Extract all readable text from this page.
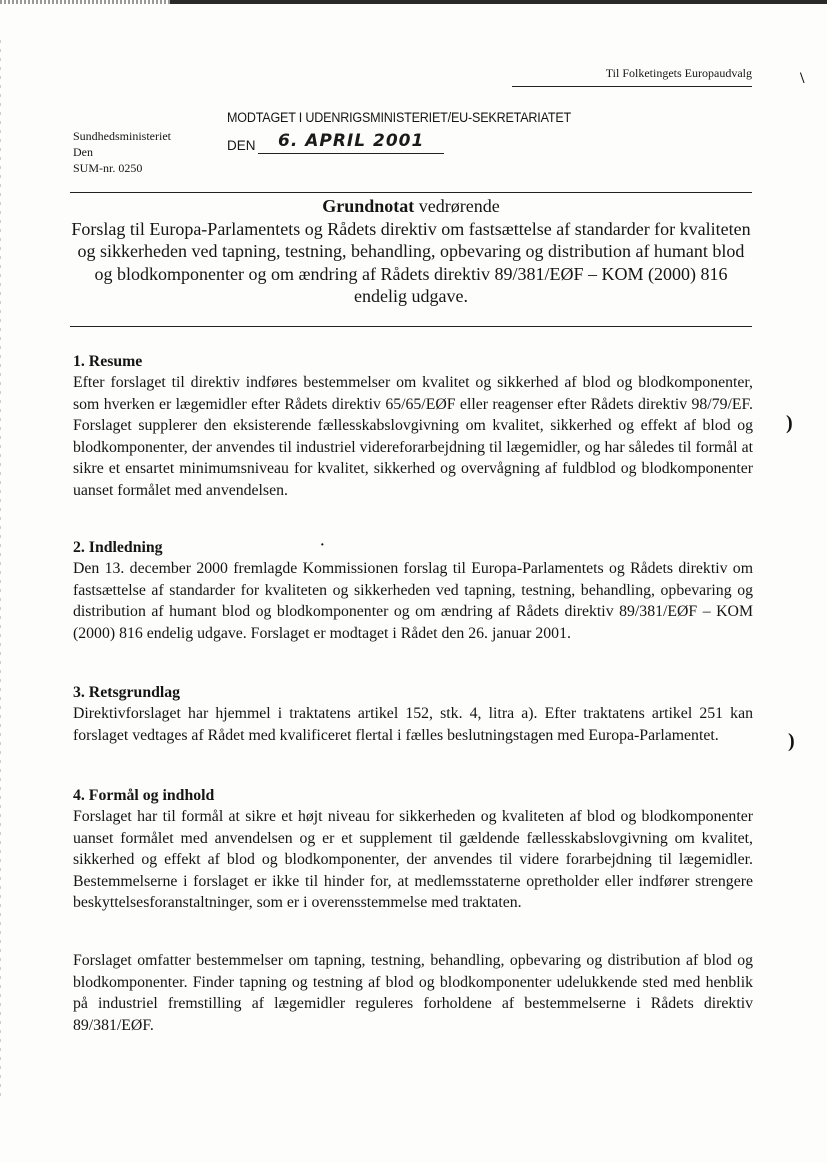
Til Folketingets Europaudvalg
MODTAGET I UDENRIGSMINISTERIET/EU-SEKRETARIATET
DEN 6. APRIL 2001
Sundhedsministeriet
Den
SUM-nr. 0250
Grundnotat vedrørende
Forslag til Europa-Parlamentets og Rådets direktiv om fastsættelse af standarder for kvaliteten og sikkerheden ved tapning, testning, behandling, opbevaring og distribution af humant blod og blodkomponenter og om ændring af Rådets direktiv 89/381/EØF – KOM (2000) 816 endelig udgave.
1. Resume

Efter forslaget til direktiv indføres bestemmelser om kvalitet og sikkerhed af blod og blodkomponenter, som hverken er lægemidler efter Rådets direktiv 65/65/EØF eller reagenser efter Rådets direktiv 98/79/EF. Forslaget supplerer den eksisterende fællesskabslovgivning om kvalitet, sikkerhed og effekt af blod og blodkomponenter, der anvendes til industriel videreforarbejdning til lægemidler, og har således til formål at sikre et ensartet minimumsniveau for kvalitet, sikkerhed og overvågning af fuldblod og blodkomponenter uanset formålet med anvendelsen.

2. Indledning

Den 13. december 2000 fremlagde Kommissionen forslag til Europa-Parlamentets og Rådets direktiv om fastsættelse af standarder for kvaliteten og sikkerheden ved tapning, testning, behandling, opbevaring og distribution af humant blod og blodkomponenter og om ændring af Rådets direktiv 89/381/EØF – KOM (2000) 816 endelig udgave. Forslaget er modtaget i Rådet den 26. januar 2001.

3. Retsgrundlag

Direktivforslaget har hjemmel i traktatens artikel 152, stk. 4, litra a). Efter traktatens artikel 251 kan forslaget vedtages af Rådet med kvalificeret flertal i fælles beslutningstagen med Europa-Parlamentet.

4. Formål og indhold

Forslaget har til formål at sikre et højt niveau for sikkerheden og kvaliteten af blod og blodkomponenter uanset formålet med anvendelsen og er et supplement til gældende fællesskabslovgivning om kvalitet, sikkerhed og effekt af blod og blodkomponenter, der anvendes til videre forarbejdning til lægemidler. Bestemmelserne i forslaget er ikke til hinder for, at medlemsstaterne opretholder eller indfører strengere beskyttelsesforanstaltninger, som er i overensstemmelse med traktaten.

Forslaget omfatter bestemmelser om tapning, testning, behandling, opbevaring og distribution af blod og blodkomponenter. Finder tapning og testning af blod og blodkomponenter udelukkende sted med henblik på industriel fremstilling af lægemidler reguleres forholdene af bestemmelserne i Rådets direktiv 89/381/EØF.

)
)
\
·
